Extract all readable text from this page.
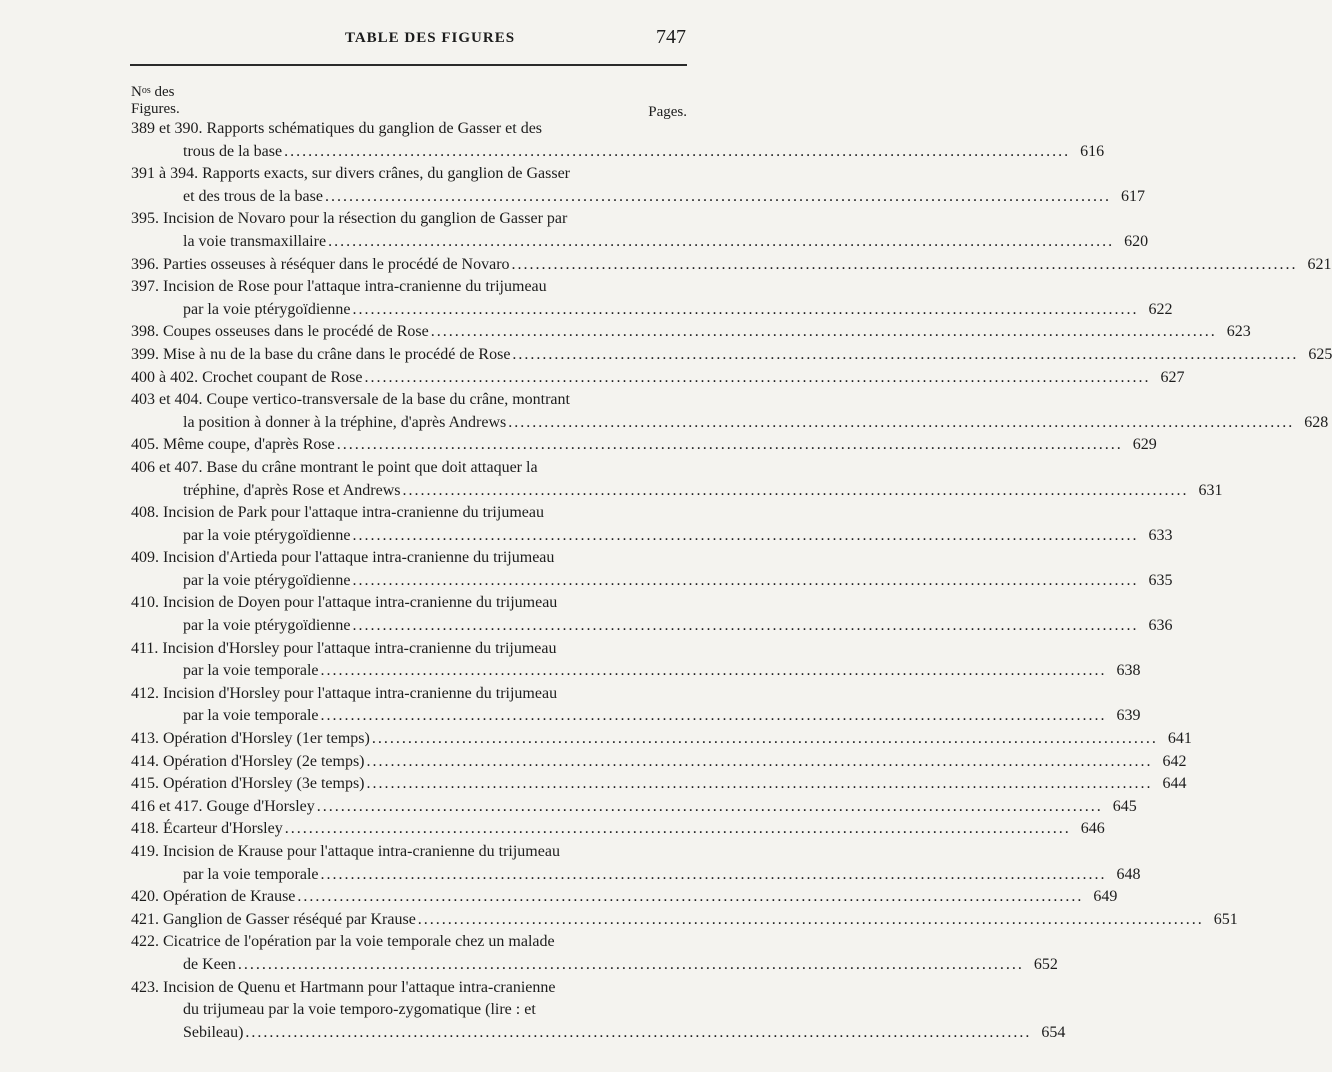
TABLE DES FIGURES	747
$N^{os}$ des
Figures.	Pages.
389 et 390. Rapports schématiques du ganglion de Gasser et des
trous de la base .....	616
391 à 394. Rapports exacts, sur divers crânes, du ganglion de Gasser
et des trous de la base .....	617
395. Incision de Novaro pour la résection du ganglion de Gasser par
la voie transmaxillaire .....	620
396. Parties osseuses à réséquer dans le procédé de Novaro .....	621
397. Incision de Rose pour l'attaque intra-cranienne du trijumeau
par la voie ptérygoïdienne .....	622
398. Coupes osseuses dans le procédé de Rose .....	623
399. Mise à nu de la base du crâne dans le procédé de Rose .....	625
400 à 402. Crochet coupant de Rose .....	627
403 et 404. Coupe vertico-transversale de la base du crâne, montrant
la position à donner à la tréphine, d'après Andrews .....	628
405. Même coupe, d'après Rose .....	629
406 et 407. Base du crâne montrant le point que doit attaquer la
tréphine, d'après Rose et Andrews .....	631
408. Incision de Park pour l'attaque intra-cranienne du trijumeau
par la voie ptérygoïdienne .....	633
409. Incision d'Artieda pour l'attaque intra-cranienne du trijumeau
par la voie ptérygoïdienne .....	635
410. Incision de Doyen pour l'attaque intra-cranienne du trijumeau
par la voie ptérygoïdienne .....	636
411. Incision d'Horsley pour l'attaque intra-cranienne du trijumeau
par la voie temporale .....	638
412. Incision d'Horsley pour l'attaque intra-cranienne du trijumeau
par la voie temporale .....	639
413. Opération d'Horsley (1er temps) .....	641
414. Opération d'Horsley (2e temps) .....	642
415. Opération d'Horsley (3e temps) .....	644
416 et 417. Gouge d'Horsley .....	645
418. Écarteur d'Horsley .....	646
419. Incision de Krause pour l'attaque intra-cranienne du trijumeau
par la voie temporale .....	648
420. Opération de Krause .....	649
421. Ganglion de Gasser réséqué par Krause .....	651
422. Cicatrice de l'opération par la voie temporale chez un malade
de Keen .....	652
423. Incision de Quenu et Hartmann pour l'attaque intra-cranienne
du trijumeau par la voie temporo-zygomatique (lire : et
Sebileau) .....	654
